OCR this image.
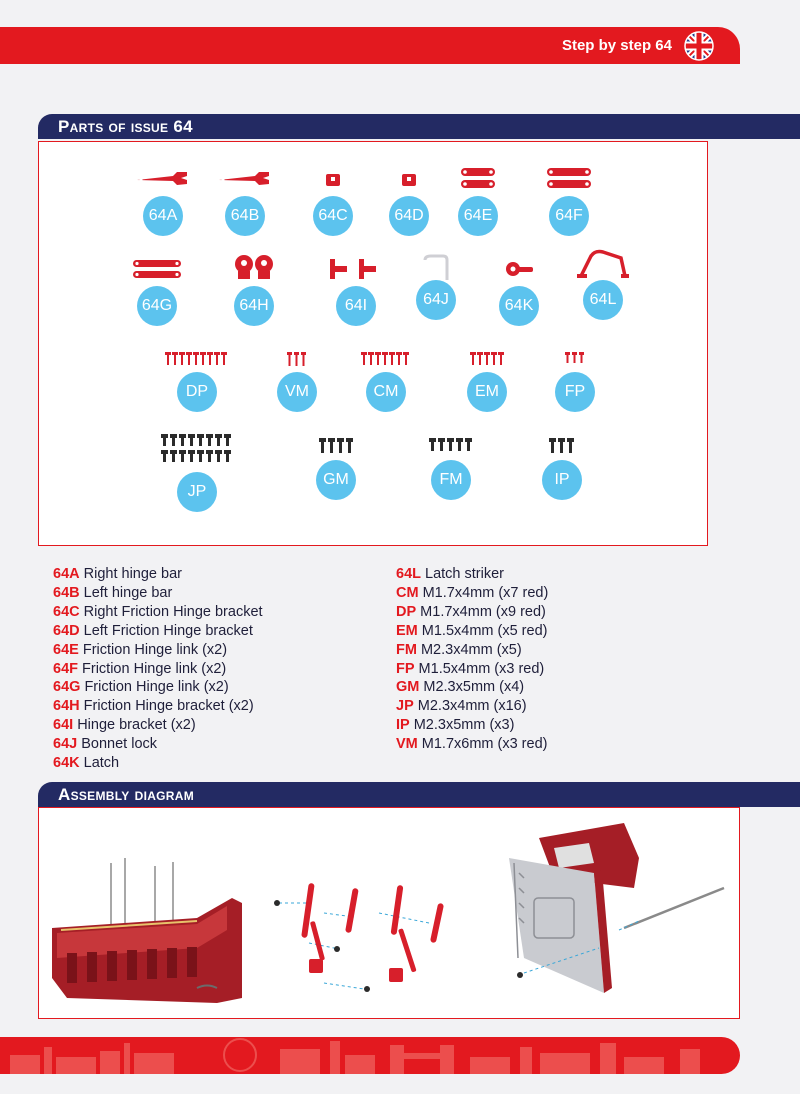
Step by step 64
Parts of issue 64
64A	64B	64C	64D	64E	64F
64G	64H	64I	64J	64K	64L
DP	VM	CM	EM	FP
JP
GM	FM	IP
64A Right hinge bar
64B Left hinge bar
64C Right Friction Hinge bracket
64D Left Friction Hinge bracket
64E Friction Hinge link (x2)
64F Friction Hinge link (x2)
64G Friction Hinge link (x2)
64H Friction Hinge bracket (x2)
64I Hinge bracket (x2)
64J Bonnet lock
64K Latch
64L Latch striker
CM M1.7x4mm (x7 red)
DP M1.7x4mm (x9 red)
EM M1.5x4mm (x5 red)
FM M2.3x4mm (x5)
FP M1.5x4mm (x3 red)
GM M2.3x5mm (x4)
JP M2.3x4mm (x16)
IP M2.3x5mm (x3)
VM M1.7x6mm (x3 red)
Assembly diagram
